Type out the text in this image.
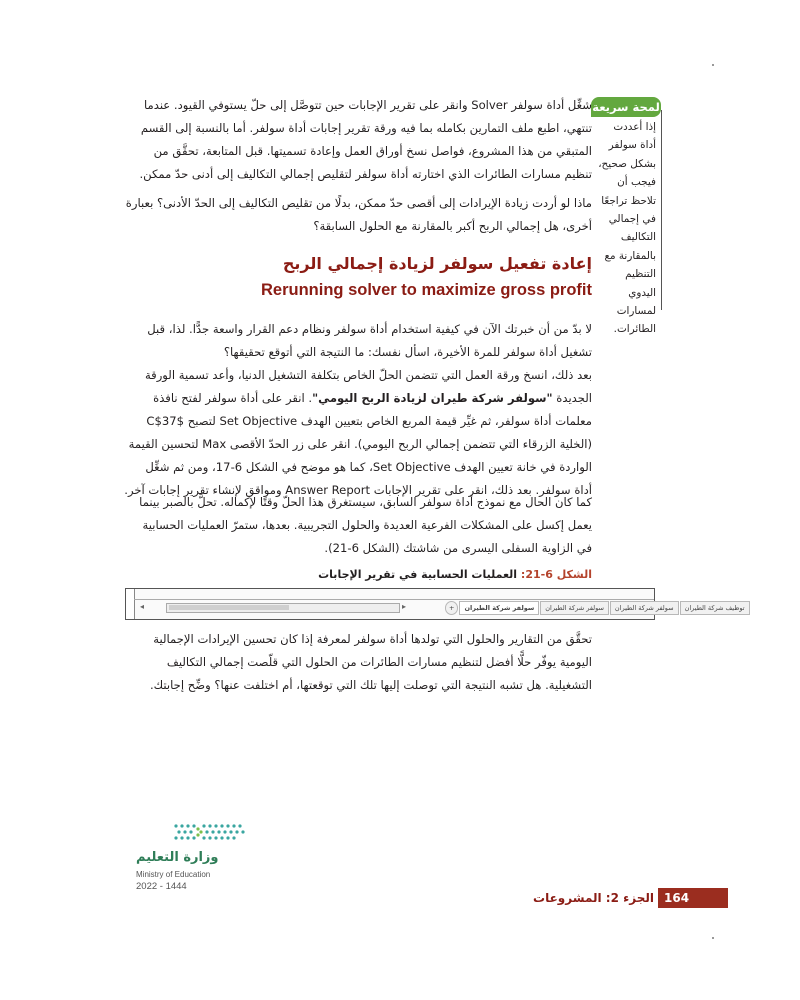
لمحة سريعة
إذا أعددت أداة سولفر بشكل صحيح، فيجب أن تلاحظ تراجعًا في إجمالي التكاليف بالمقارنة مع التنظيم اليدوي لمسارات الطائرات.

شغِّل أداة سولفر Solver وانقر على تقرير الإجابات حين تتوصَّل إلى حلّ يستوفي القيود. عندما تنتهي، اطبع ملف التمارين بكامله بما فيه ورقة تقرير إجابات أداة سولفر. أما بالنسبة إلى القسم المتبقي من هذا المشروع، فواصل نسخ أوراق العمل وإعادة تسميتها. قبل المتابعة، تحقَّق من تنظيم مسارات الطائرات الذي اختارته أداة سولفر لتقليص إجمالي التكاليف إلى أدنى حدّ ممكن.

ماذا لو أردت زيادة الإيرادات إلى أقصى حدّ ممكن، بدلًا من تقليص التكاليف إلى الحدّ الأدنى؟ بعبارة أخرى، هل إجمالي الربح أكبر بالمقارنة مع الحلول السابقة؟

إعادة تفعيل سولفر لزيادة إجمالي الربح
Rerunning solver to maximize gross profit

لا بدّ من أن خبرتك الآن في كيفية استخدام أداة سولفر ونظام دعم القرار واسعة جدًّا. لذا، قبل تشغيل أداة سولفر للمرة الأخيرة، اسأل نفسك: ما النتيجة التي أتوقع تحقيقها؟

بعد ذلك، انسخ ورقة العمل التي تتضمن الحلّ الخاص بتكلفة التشغيل الدنيا، وأعد تسمية الورقة الجديدة "سولفر شركة طيران لزيادة الربح اليومي". انقر على أداة سولفر لفتح نافذة معلمات أداة سولفر، ثم غيِّر قيمة المربع الخاص بتعيين الهدف Set Objective لتصبح $C$37 (الخلية الزرقاء التي تتضمن إجمالي الربح اليومي). انقر على زر الحدّ الأقصى Max لتحسين القيمة الواردة في خانة تعيين الهدف Set Objective، كما هو موضح في الشكل 6-17، ومن ثم شغِّل أداة سولفر. بعد ذلك، انقر على تقرير الإجابات Answer Report ومواقق لإنشاء تقرير إجابات آخر.

كما كان الحال مع نموذج أداة سولفر السابق، سيستغرق هذا الحلّ وقتًا لإكماله. تحلَّ بالصبر بينما يعمل إكسل على المشكلات الفرعية العديدة والحلول التجريبية. بعدها، ستمرّ العمليات الحسابية في الزاوية السفلى اليسرى من شاشتك (الشكل 6-21).

الشكل 6-21: العمليات الحسابية في تقرير الإجابات
◂	▸	توظيف شركة الطيران
سولفر شركة الطيران
سولفر شركة الطيران
سولفر شركة الطيران
+

تحقَّق من التقارير والحلول التي تولدها أداة سولفر لمعرفة إذا كان تحسين الإيرادات الإجمالية اليومية يوفّر حلًّا أفضل لتنظيم مسارات الطائرات من الحلول التي قلّصت إجمالي التكاليف التشغيلية. هل تشبه النتيجة التي توصلت إليها تلك التي توقعتها، أم اختلفت عنها؟ وضِّح إجابتك.

وزارة التعليم
Ministry of Education
2022 - 1444
الجزء 2: المشروعات 164
